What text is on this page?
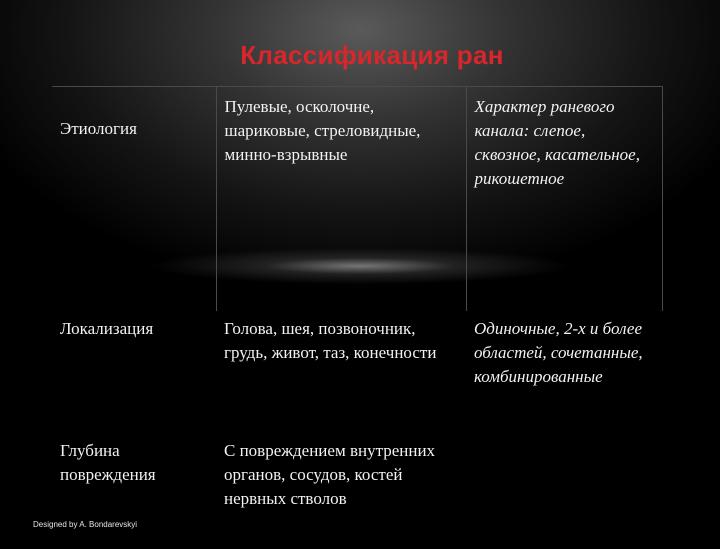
Классификация ран
Этиология	Пулевые, осколочне, шариковые, стреловидные, минно-взрывные	Характер раневого канала: слепое, сквозное, касательное, рикошетное
Локализация	Голова, шея, позвоночник, грудь, живот, таз, конечности	Одиночные, 2-х и более областей, сочетанные, комбинированные
Глубина повреждения	С повреждением внутренних органов, сосудов, костей нервных стволов	
Designed by A. Bondarevskyi
